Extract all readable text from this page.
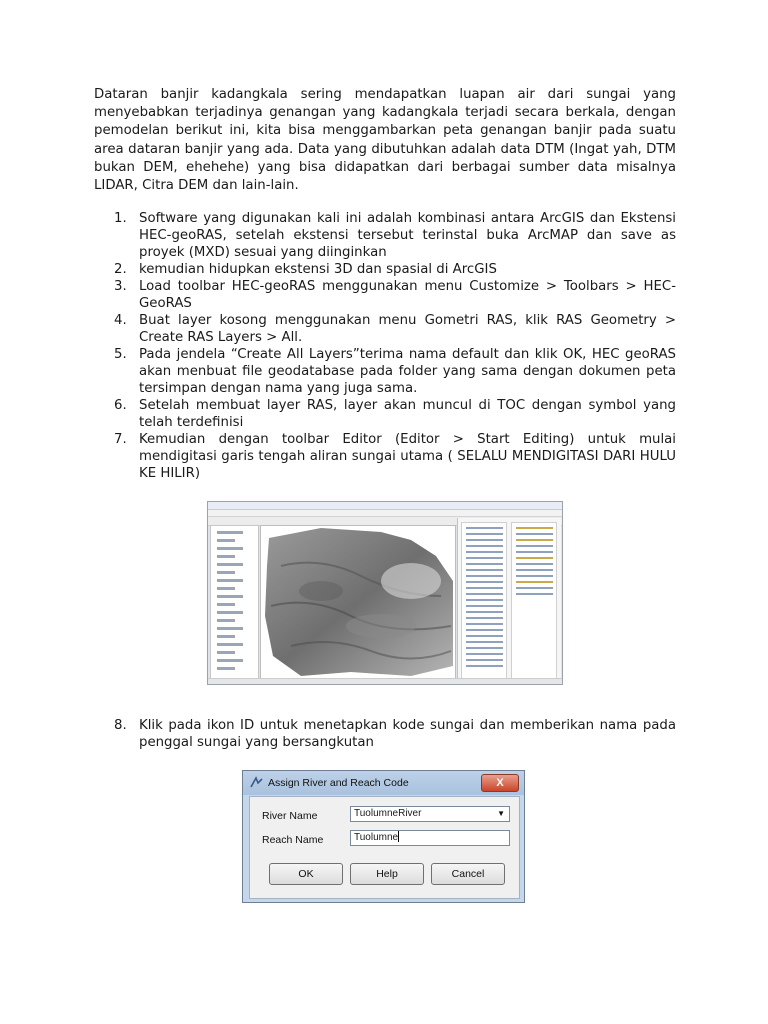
Dataran banjir kadangkala sering mendapatkan luapan air dari sungai yang menyebabkan terjadinya genangan yang kadangkala terjadi secara berkala, dengan pemodelan berikut ini, kita bisa menggambarkan peta genangan banjir pada suatu area dataran banjir yang ada. Data yang dibutuhkan adalah data DTM (Ingat yah, DTM bukan DEM, ehehehe) yang bisa didapatkan dari berbagai sumber data misalnya LIDAR, Citra DEM dan lain-lain.
1. Software yang digunakan kali ini adalah kombinasi antara ArcGIS dan Ekstensi HEC-geoRAS, setelah ekstensi tersebut terinstal buka ArcMAP dan save as proyek (MXD) sesuai yang diinginkan
2. kemudian hidupkan ekstensi 3D dan spasial di ArcGIS
3. Load toolbar HEC-geoRAS menggunakan menu Customize > Toolbars > HEC-GeoRAS
4. Buat layer kosong menggunakan menu Gometri RAS, klik RAS Geometry > Create RAS Layers > All.
5. Pada jendela “Create All Layers”terima nama default dan klik OK, HEC geoRAS akan menbuat file geodatabase pada folder yang sama dengan dokumen peta tersimpan dengan nama yang juga sama.
6. Setelah membuat layer RAS, layer akan muncul di TOC dengan symbol yang telah terdefinisi
7. Kemudian dengan toolbar Editor (Editor > Start Editing) untuk mulai mendigitasi garis tengah aliran sungai utama ( SELALU MENDIGITASI DARI HULU KE HILIR)
8. Klik pada ikon ID untuk menetapkan kode sungai dan memberikan nama pada penggal sungai yang bersangkutan
Assign River and Reach Code	X
River Name	TuolumneRiver	▼
Reach Name	Tuolumne
OK	Help	Cancel
